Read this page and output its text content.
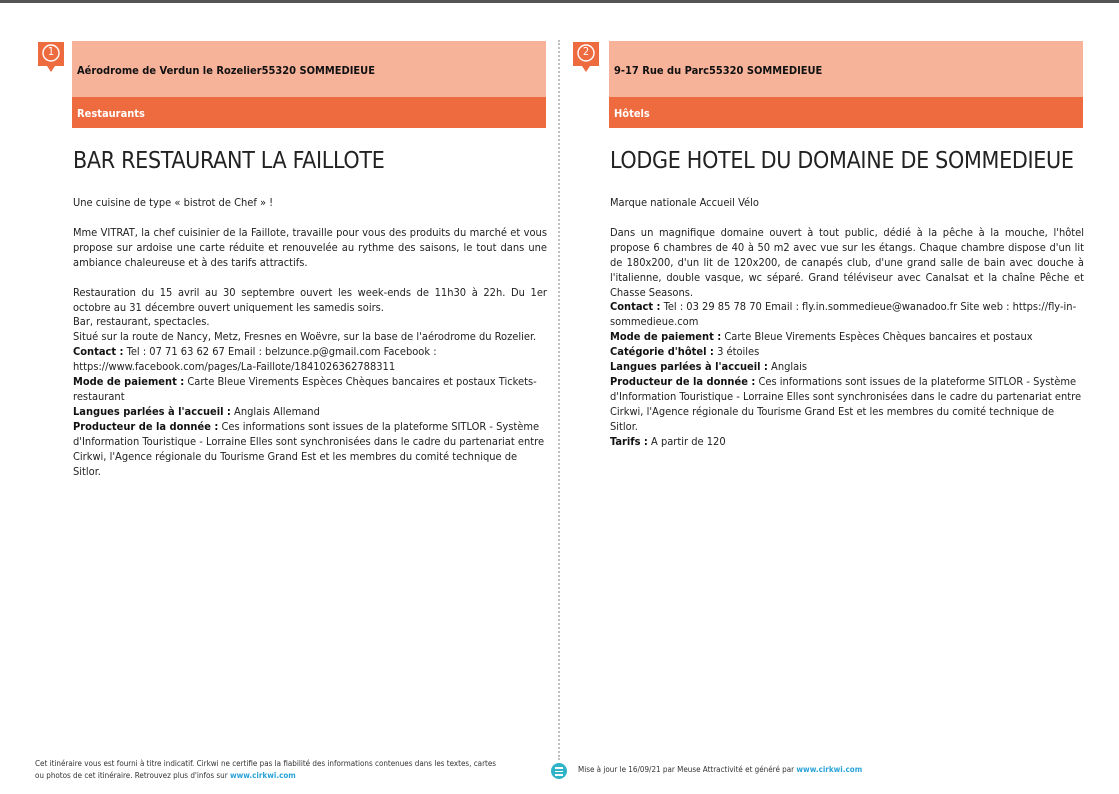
Aérodrome de Verdun le Rozelier55320 SOMMEDIEUE
Restaurants
1
BAR RESTAURANT LA FAILLOTE

Une cuisine de type « bistrot de Chef » !

Mme VITRAT, la chef cuisinier de la Faillote, travaille pour vous des produits du marché et vous propose sur ardoise une carte réduite et renouvelée au rythme des saisons, le tout dans une ambiance chaleureuse et à des tarifs attractifs.

Restauration du 15 avril au 30 septembre ouvert les week-ends de 11h30 à 22h. Du 1er octobre au 31 décembre ouvert uniquement les samedis soirs.

Bar, restaurant, spectacles.

Situé sur la route de Nancy, Metz, Fresnes en Woëvre, sur la base de l'aérodrome du Rozelier.

Contact : Tel : 07 71 63 62 67 Email : belzunce.p@gmail.com Facebook : https://www.facebook.com/pages/La-Faillote/1841026362788311

Mode de paiement : Carte Bleue Virements Espèces Chèques bancaires et postaux Tickets-restaurant

Langues parlées à l'accueil : Anglais Allemand

Producteur de la donnée : Ces informations sont issues de la plateforme SITLOR - Système d'Information Touristique - Lorraine Elles sont synchronisées dans le cadre du partenariat entre Cirkwi, l'Agence régionale du Tourisme Grand Est et les membres du comité technique de Sitlor.

9-17 Rue du Parc55320 SOMMEDIEUE
Hôtels
2
LODGE HOTEL DU DOMAINE DE SOMMEDIEUE

Marque nationale Accueil Vélo

Dans un magnifique domaine ouvert à tout public, dédié à la pêche à la mouche, l'hôtel propose 6 chambres de 40 à 50 m2 avec vue sur les étangs. Chaque chambre dispose d'un lit de 180x200, d'un lit de 120x200, de canapés club, d'une grand salle de bain avec douche à l'italienne, double vasque, wc séparé. Grand téléviseur avec Canalsat et la chaîne Pêche et Chasse Seasons.

Contact : Tel : 03 29 85 78 70 Email : fly.in.sommedieue@wanadoo.fr Site web : https://fly-in-sommedieue.com

Mode de paiement : Carte Bleue Virements Espèces Chèques bancaires et postaux

Catégorie d'hôtel : 3 étoiles

Langues parlées à l'accueil : Anglais

Producteur de la donnée : Ces informations sont issues de la plateforme SITLOR - Système d'Information Touristique - Lorraine Elles sont synchronisées dans le cadre du partenariat entre Cirkwi, l'Agence régionale du Tourisme Grand Est et les membres du comité technique de Sitlor.

Tarifs : A partir de 120

Cet itinéraire vous est fourni à titre indicatif. Cirkwi ne certifie pas la fiabilité des informations contenues dans les textes, cartes ou photos de cet itinéraire. Retrouvez plus d'infos sur www.cirkwi.com
Mise à jour le 16/09/21 par Meuse Attractivité et généré par www.cirkwi.com
